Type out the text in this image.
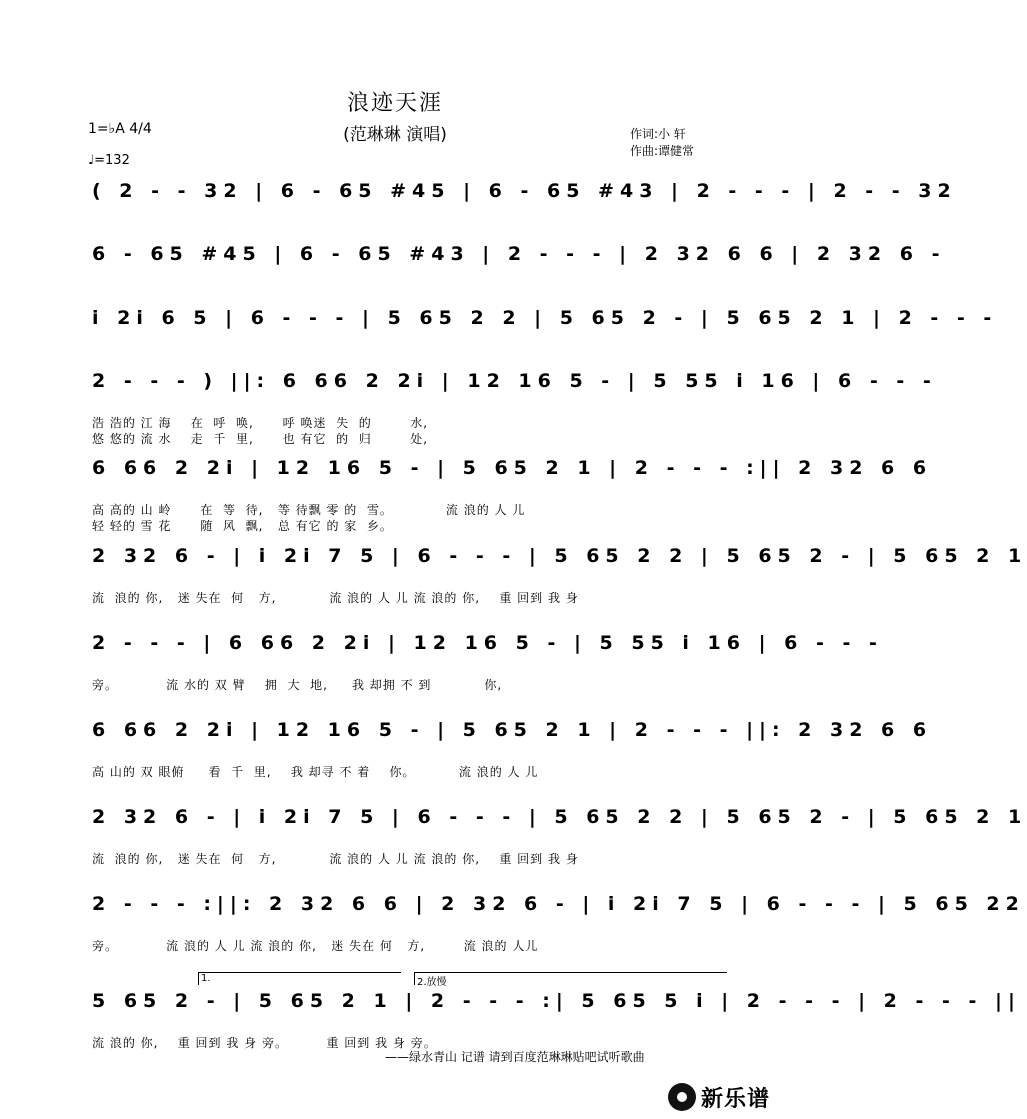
浪迹天涯
(范琳琳 演唱)	作词:小 轩
作曲:谭健常
1=♭A 4/4
♩=132
( 2 - - 32 | 6 - 65 #45 | 6 - 65 #43 | 2 - - - | 2 - - 32
6 - 65 #45 | 6 - 65 #43 | 2 - - - | 2 32 6 6 | 2 32 6 -
i 2i 6 5 | 6 - - - | 5 65 2 2 | 5 65 2 - | 5 65 2 1 | 2 - - -
2 - - - ) ||: 6 66 2 2i | 12 16 5 - | 5 55 i 16 | 6 - - -
浩 浩的 江 海    在  呼  唤,      呼 唤迷  失  的        水,
悠 悠的 流 水    走  千  里,      也 有它  的  归        处,
6 66 2 2i | 12 16 5 - | 5 65 2 1 | 2 - - - :|| 2 32 6 6
高 高的 山 岭      在  等  待,   等 待飘 零 的  雪。           流 浪的 人 儿
轻 轻的 雪 花      随  风  飘,   总 有它 的 家  乡。
2 32 6 - | i 2i 7 5 | 6 - - - | 5 65 2 2 | 5 65 2 - | 5 65 2 1
流  浪的 你,   迷 失在  何   方,           流 浪的 人 儿 流 浪的 你,    重 回到 我 身
2 - - - | 6 66 2 2i | 12 16 5 - | 5 55 i 16 | 6 - - -
旁。          流 水的 双 臂    拥  大  地,     我 却拥 不 到           你,
6 66 2 2i | 12 16 5 - | 5 65 2 1 | 2 - - - ||: 2 32 6 6
高 山的 双 眼俯     看  千  里,    我 却寻 不 着    你。         流 浪的 人 儿
2 32 6 - | i 2i 7 5 | 6 - - - | 5 65 2 2 | 5 65 2 - | 5 65 2 1
流  浪的 你,   迷 失在  何   方,           流 浪的 人 儿 流 浪的 你,    重 回到 我 身
2 - - - :||: 2 32 6 6 | 2 32 6 - | i 2i 7 5 | 6 - - - | 5 65 22
旁。          流 浪的 人 儿 流 浪的 你,   迷 失在 何   方,        流 浪的 人儿
5 65 2 - | 5 65 2 1 | 2 - - - :| 5 65 5 i | 2 - - - | 2 - - - ||
流 浪的 你,    重 回到 我 身 旁。        重 回到 我 身 旁。
1.	2.放慢
——绿水青山 记谱 请到百度范琳琳贴吧试听歌曲
新乐谱
